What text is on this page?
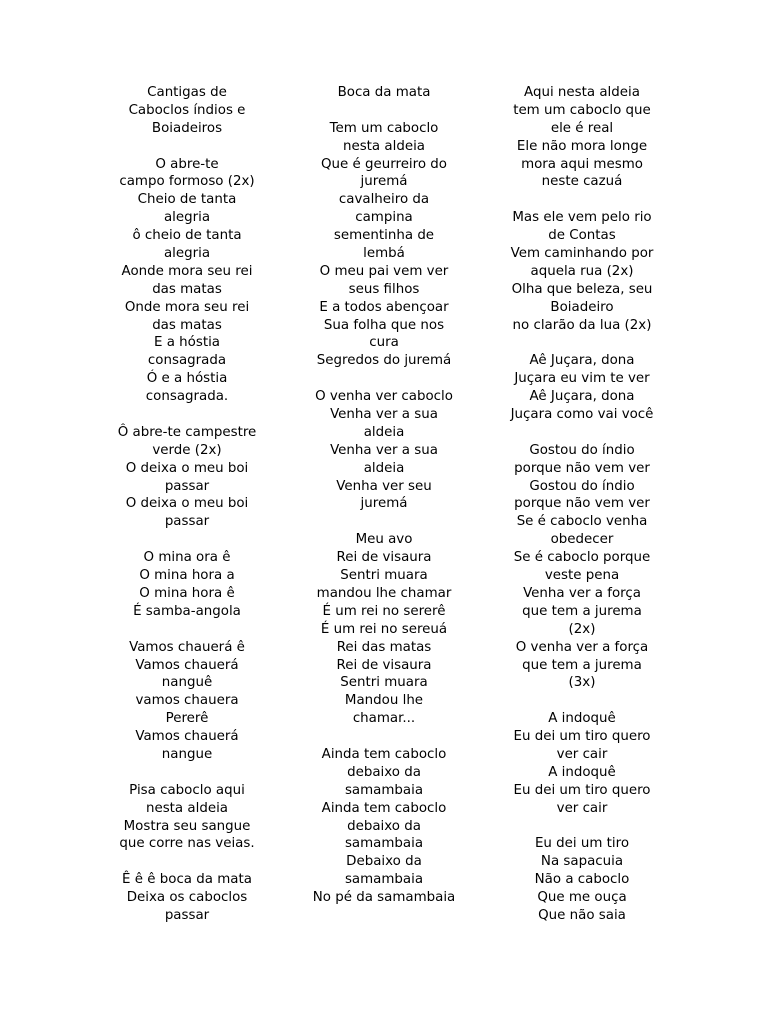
Cantigas de
Caboclos índios e
Boiadeiros
O abre-te
campo formoso (2x)
Cheio de tanta
alegria
ô cheio de tanta
alegria
Aonde mora seu rei
das matas
Onde mora seu rei
das matas
E a hóstia
consagrada
Ó e a hóstia
consagrada.
Ô abre-te campestre
verde (2x)
O deixa o meu boi
passar
O deixa o meu boi
passar
O mina ora ê
O mina hora a
O mina hora ê
É samba-angola
Vamos chauerá ê
Vamos chauerá
nanguê
vamos chauera
Pererê
Vamos chauerá
nangue
Pisa caboclo aqui
nesta aldeia
Mostra seu sangue
que corre nas veias.
Ê ê ê boca da mata
Deixa os caboclos
passar
Boca da mata
Tem um caboclo
nesta aldeia
Que é geurreiro do
juremá
cavalheiro da
campina
sementinha de
lembá
O meu pai vem ver
seus filhos
E a todos abençoar
Sua folha que nos
cura
Segredos do juremá
O venha ver caboclo
Venha ver a sua
aldeia
Venha ver a sua
aldeia
Venha ver seu
juremá
Meu avo
Rei de visaura
Sentri muara
mandou lhe chamar
É um rei no sererê
É um rei no sereuá
Rei das matas
Rei de visaura
Sentri muara
Mandou lhe
chamar...
Ainda tem caboclo
debaixo da
samambaia
Ainda tem caboclo
debaixo da
samambaia
Debaixo da
samambaia
No pé da samambaia
Aqui nesta aldeia
tem um caboclo que
ele é real
Ele não mora longe
mora aqui mesmo
neste cazuá
Mas ele vem pelo rio
de Contas
Vem caminhando por
aquela rua (2x)
Olha que beleza, seu
Boiadeiro
no clarão da lua (2x)
Aê Juçara, dona
Juçara eu vim te ver
Aê Juçara, dona
Juçara como vai você
Gostou do índio
porque não vem ver
Gostou do índio
porque não vem ver
Se é caboclo venha
obedecer
Se é caboclo porque
veste pena
Venha ver a força
que tem a jurema
(2x)
O venha ver a força
que tem a jurema
(3x)
A indoquê
Eu dei um tiro quero
ver cair
A indoquê
Eu dei um tiro quero
ver cair
Eu dei um tiro
Na sapacuia
Não a caboclo
Que me ouça
Que não saia
